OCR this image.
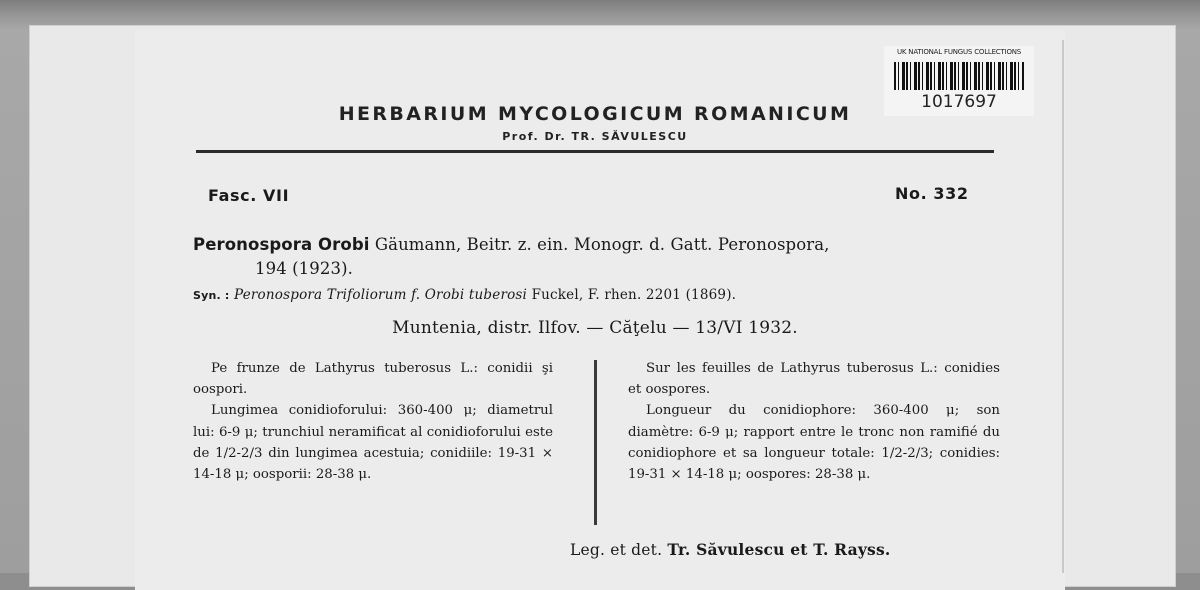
UK NATIONAL FUNGUS COLLECTIONS
1017697
HERBARIUM MYCOLOGICUM ROMANICUM
Prof. Dr. TR. SĂVULESCU
Fasc. VII	No. 332
Peronospora Orobi Gäumann, Beitr. z. ein. Monogr. d. Gatt. Peronospora,
194 (1923).
Syn. : Peronospora Trifoliorum f. Orobi tuberosi Fuckel, F. rhen. 2201 (1869).
Muntenia, distr. Ilfov. — Căţelu — 13/VI 1932.

Pe frunze de Lathyrus tuberosus L.: conidii şi oospori.

Lungimea conidioforului: 360-400 μ; diametrul lui: 6-9 μ; trunchiul neramificat al conidioforului este de 1/2-2/3 din lungimea acestuia; conidiile: 19-31 × 14-18 μ; oosporii: 28-38 μ.

Sur les feuilles de Lathyrus tuberosus L.: conidies et oospores.

Longueur du conidiophore: 360-400 μ; son diamètre: 6-9 μ; rapport entre le tronc non ramifié du conidiophore et sa longueur totale: 1/2-2/3; conidies: 19-31 × 14-18 μ; oospores: 28-38 μ.

Leg. et det. Tr. Săvulescu et T. Rayss.
